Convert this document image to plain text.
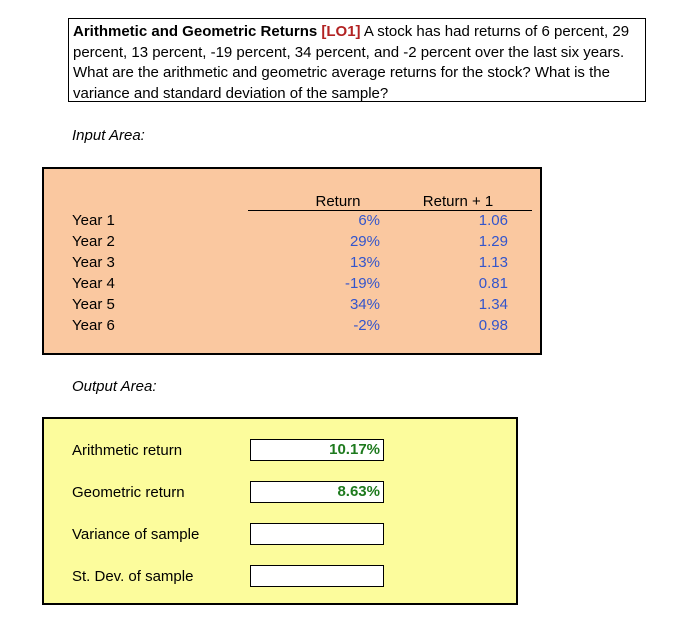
Arithmetic and Geometric Returns [LO1] A stock has had returns of 6 percent, 29
percent, 13 percent, -19 percent, 34 percent, and -2 percent over the last six years.
What are the arithmetic and geometric average returns for the stock? What is the
variance and standard deviation of the sample?
Input Area:
Return	Return + 1
Year 1	6%	1.06
Year 2	29%	1.29
Year 3	13%	1.13
Year 4	-19%	0.81
Year 5	34%	1.34
Year 6	-2%	0.98
Output Area:
Arithmetic return	10.17%
Geometric return	8.63%
Variance of sample
St. Dev. of sample
